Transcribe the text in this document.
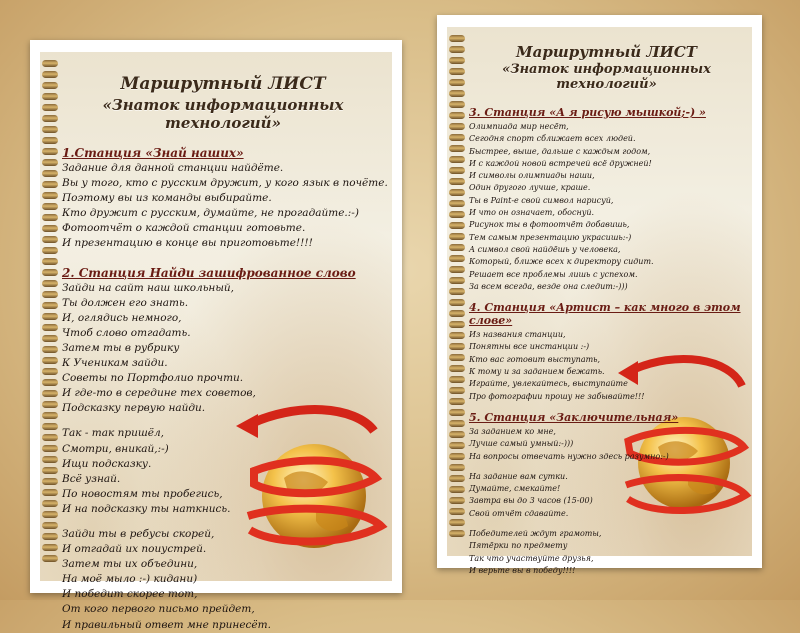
Маршрутный ЛИСТ
«Знаток информационных технологий»
1.Станция «Знай наших»
Задание для данной станции найдёте.
Вы у того, кто с русским дружит, у кого язык в почёте.
Поэтому вы из команды выбирайте.
Кто дружит с русским, думайте, не прогадайте.:-)
Фотоотчёт о каждой станции готовьте.
И презентацию в конце вы приготовьте!!!!
2. Станция Найди зашифрованное слово
Зайди на сайт наш школьный,
Ты должен его знать.
И, оглядись немного,
Чтоб слово отгадать.
Затем ты в рубрику
К Ученикам зайди.
Советы по Портфолио прочти.
И где-то в середине тех советов,
Подсказку первую найди.
Так - так пришёл,
Смотри, вникай,:-)
Ищи подсказку.
Всё узнай.
По новостям ты пробегись,
И на подсказку ты наткнись.
Зайди ты в ребусы скорей,
И отгадай их поиустрей.
Затем ты их объедини,
На моё мыло :-) кидани)
И победит скорее тот,
От кого первого письмо прейдет,
И правильный ответ мне принесёт.
Маршрутный ЛИСТ
«Знаток информационных технологий»
3. Станция «А я рисую мышкой;-) »
Олимпиада мир несёт,
Сегодня спорт сближает всех людей.
Быстрее, выше, дальше с каждым годом,
И с каждой новой встречей всё дружней!
И символы олимпиады наши,
Один другого лучше, краше.
Ты в Paint-е свой символ нарисуй,
И что он означает, обоснуй.
Рисунок ты в фотоотчёт добавишь,
Тем самым презентацию украсишь:-)
А символ свой найдёшь у человека,
Который, ближе всех к директору сидит.
Решает все проблемы лишь с успехом.
За всем всегда, везде она следит:-)))
4. Станция «Артист – как много в этом слове»
Из названия станции,
Понятны все инстанции :-)
Кто вас готовит выступать,
К тому и за заданием бежать.
Играйте, увлекайтесь, выступайте
Про фотографии прошу не забывайте!!!
5. Станция «Заключительная»
За заданием ко мне,
Лучше самый умный:-)))
На вопросы отвечать нужно здесь разумно:-)
На задание вам сутки.
Думайте, смекайте!
Завтра вы до 3 часов (15-00)
Свой отчёт сдавайте.
Победителей ждут грамоты,
Пятёрки по предмету
Так что участвуйте друзья,
И верьте вы в победу!!!!
